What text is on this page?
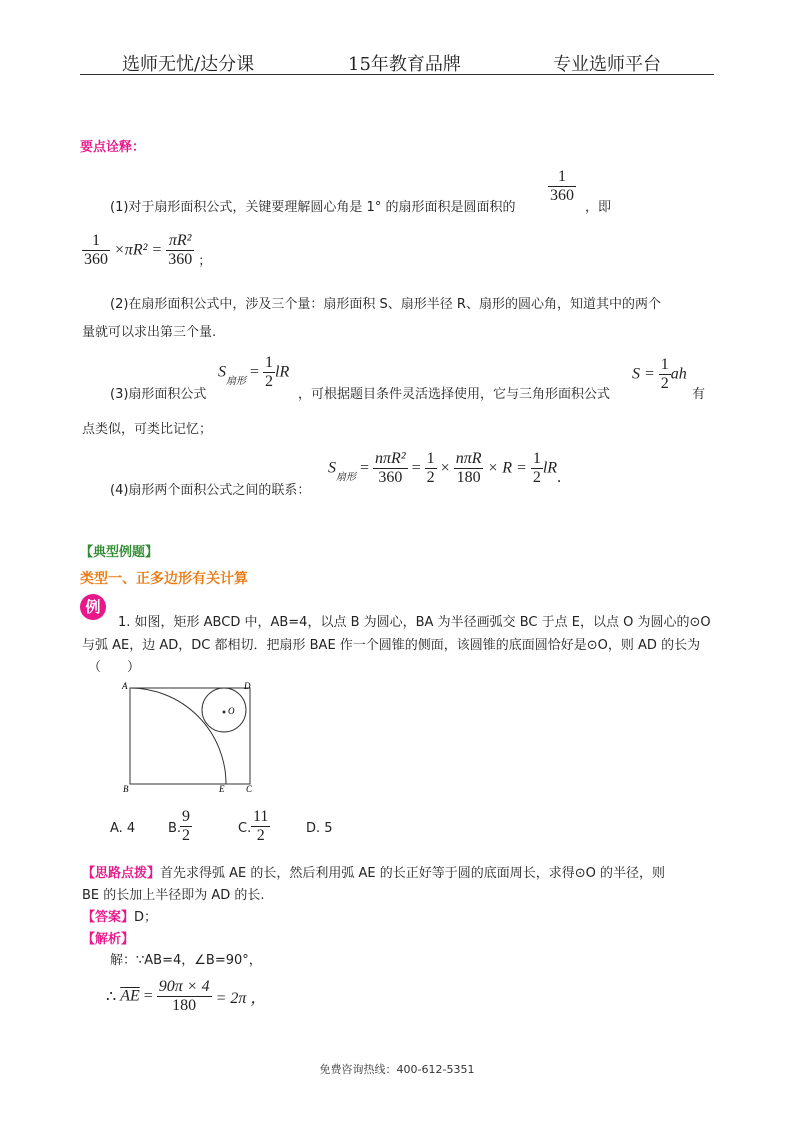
选师无忧/达分课	15年教育品牌	专业选师平台
要点诠释：
(1)对于扇形面积公式，关键要理解圆心角是 1° 的扇形面积是圆面积的
$\frac{1}{360}$
，即
$\frac{1}{360} \times\pi R^2 = \frac{\text{πR²}}{360}$ ；
(2)在扇形面积公式中，涉及三个量：扇形面积 S、扇形半径 R、扇形的圆心角，知道其中的两个
量就可以求出第三个量.
(3)扇形面积公式
$S_{扇形} = \frac{1}{2}$ lR
，可根据题目条件灵活选择使用，它与三角形面积公式
$S = \frac{1}{2}$ ah
有
点类似，可类比记忆；
(4)扇形两个面积公式之间的联系：
$S_{扇形} = \frac{\text{nπR²}}{360} = \frac{1}{2} \times \frac{\text{nπR}}{180} \times R = \frac{1}{2}$ lR.
【典型例题】
类型一、正多边形有关计算
例
1. 如图，矩形 ABCD 中，AB=4，以点 B 为圆心，BA 为半径画弧交 BC 于点 E，以点 O 为圆心的⊙O
与弧 AE，边 AD，DC 都相切．把扇形 BAE 作一个圆锥的侧面，该圆锥的底面圆恰好是⊙O，则 AD 的长为
（　　）
A	D
O
B	E C
A. 4	B.
$\frac{9}{2}$	C. $\frac{11}{2}$	D. 5
【思路点拨】首先求得弧 AE 的长，然后利用弧 AE 的长正好等于圆的底面周长，求得⊙O 的半径，则
BE 的长加上半径即为 AD 的长.
【答案】D；
【解析】
解：∵AB=4，∠B=90°，
∴ $\overline{AE} = \frac{90\pi \times 4}{180} = 2\pi$ ，
免费咨询热线：400-612-5351
